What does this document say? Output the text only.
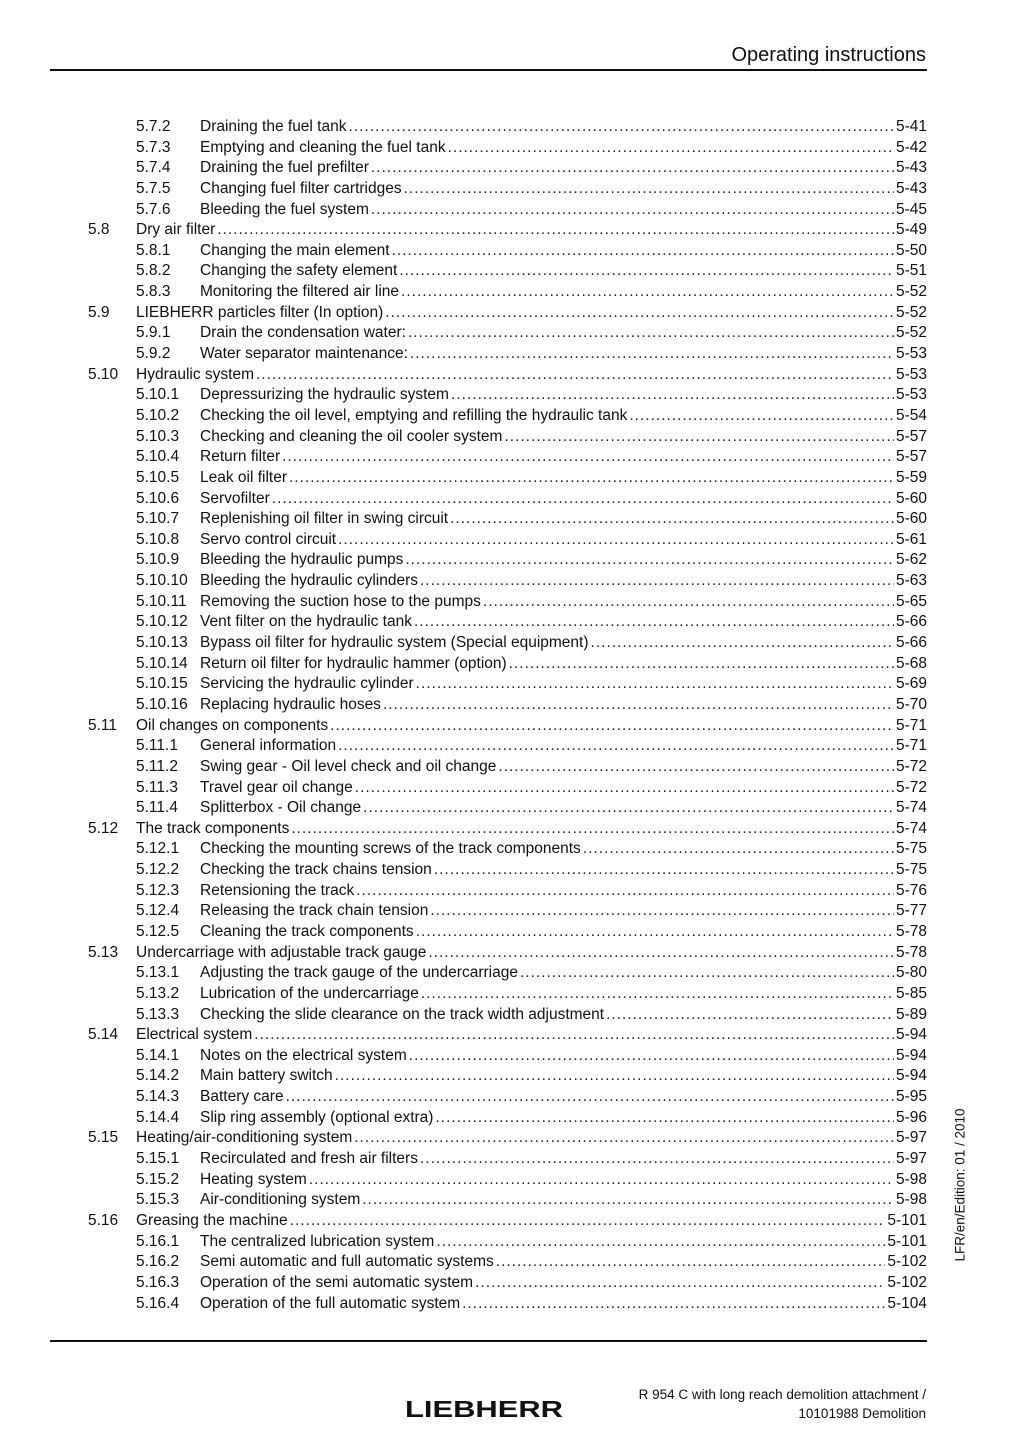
Operating instructions
5.7.2 Draining the fuel tank .....	5-41
5.7.3 Emptying and cleaning the fuel tank .....	5-42
5.7.4 Draining the fuel prefilter .....	5-43
5.7.5 Changing fuel filter cartridges .....	5-43
5.7.6 Bleeding the fuel system .....	5-45
5.8 Dry air filter .....	5-49
5.8.1 Changing the main element .....	5-50
5.8.2 Changing the safety element .....	5-51
5.8.3 Monitoring the filtered air line .....	5-52
5.9 LIEBHERR particles filter (In option) .....	5-52
5.9.1 Drain the condensation water: .....	5-52
5.9.2 Water separator maintenance: .....	5-53
5.10 Hydraulic system .....	5-53
5.10.1 Depressurizing the hydraulic system .....	5-53
5.10.2 Checking the oil level, emptying and refilling the hydraulic tank .....	5-54
5.10.3 Checking and cleaning the oil cooler system .....	5-57
5.10.4 Return filter .....	5-57
5.10.5 Leak oil filter .....	5-59
5.10.6 Servofilter .....	5-60
5.10.7 Replenishing oil filter in swing circuit .....	5-60
5.10.8 Servo control circuit .....	5-61
5.10.9 Bleeding the hydraulic pumps .....	5-62
5.10.10 Bleeding the hydraulic cylinders .....	5-63
5.10.11 Removing the suction hose to the pumps .....	5-65
5.10.12 Vent filter on the hydraulic tank .....	5-66
5.10.13 Bypass oil filter for hydraulic system (Special equipment) .....	5-66
5.10.14 Return oil filter for hydraulic hammer (option) .....	5-68
5.10.15 Servicing the hydraulic cylinder .....	5-69
5.10.16 Replacing hydraulic hoses .....	5-70
5.11 Oil changes on components .....	5-71
5.11.1 General information .....	5-71
5.11.2 Swing gear - Oil level check and oil change .....	5-72
5.11.3 Travel gear oil change .....	5-72
5.11.4 Splitterbox - Oil change .....	5-74
5.12 The track components .....	5-74
5.12.1 Checking the mounting screws of the track components .....	5-75
5.12.2 Checking the track chains tension .....	5-75
5.12.3 Retensioning the track .....	5-76
5.12.4 Releasing the track chain tension .....	5-77
5.12.5 Cleaning the track components .....	5-78
5.13 Undercarriage with adjustable track gauge .....	5-78
5.13.1 Adjusting the track gauge of the undercarriage .....	5-80
5.13.2 Lubrication of the undercarriage .....	5-85
5.13.3 Checking the slide clearance on the track width adjustment .....	5-89
5.14 Electrical system .....	5-94
5.14.1 Notes on the electrical system .....	5-94
5.14.2 Main battery switch .....	5-94
5.14.3 Battery care .....	5-95
5.14.4 Slip ring assembly (optional extra) .....	5-96
5.15 Heating/air-conditioning system .....	5-97
5.15.1 Recirculated and fresh air filters .....	5-97
5.15.2 Heating system .....	5-98
5.15.3 Air-conditioning system .....	5-98
5.16 Greasing the machine .....	5-101
5.16.1 The centralized lubrication system .....	5-101
5.16.2 Semi automatic and full automatic systems .....	5-102
5.16.3 Operation of the semi automatic system .....	5-102
5.16.4 Operation of the full automatic system .....	5-104
LFR/en/Edition: 01 / 2010
LIEBHERR
R 954 C with long reach demolition attachment /
10101988 Demolition
